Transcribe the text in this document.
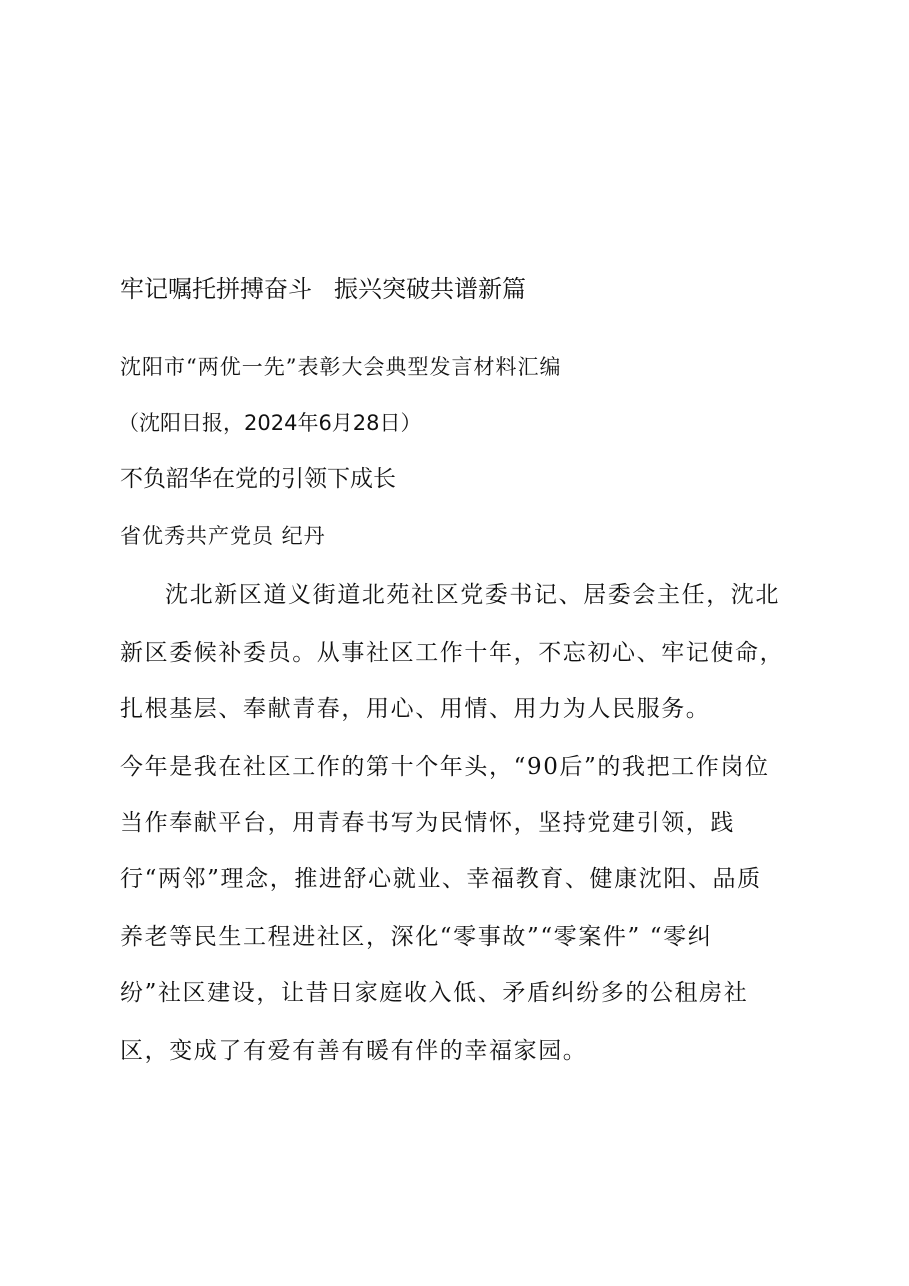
牢记嘱托拼搏奋斗 振兴突破共谱新篇
沈阳市“两优一先”表彰大会典型发言材料汇编
（沈阳日报，2024年6月28日）
不负韶华在党的引领下成长
省优秀共产党员 纪丹
沈北新区道义街道北苑社区党委书记、居委会主任，沈北
新区委候补委员。从事社区工作十年，不忘初心、牢记使命，
扎根基层、奉献青春，用心、用情、用力为人民服务。
今年是我在社区工作的第十个年头，“90后”的我把工作岗位
当作奉献平台，用青春书写为民情怀，坚持党建引领，践
行“两邻”理念，推进舒心就业、幸福教育、健康沈阳、品质
养老等民生工程进社区，深化“零事故”“零案件” “零纠
纷”社区建设，让昔日家庭收入低、矛盾纠纷多的公租房社
区，变成了有爱有善有暖有伴的幸福家园。
